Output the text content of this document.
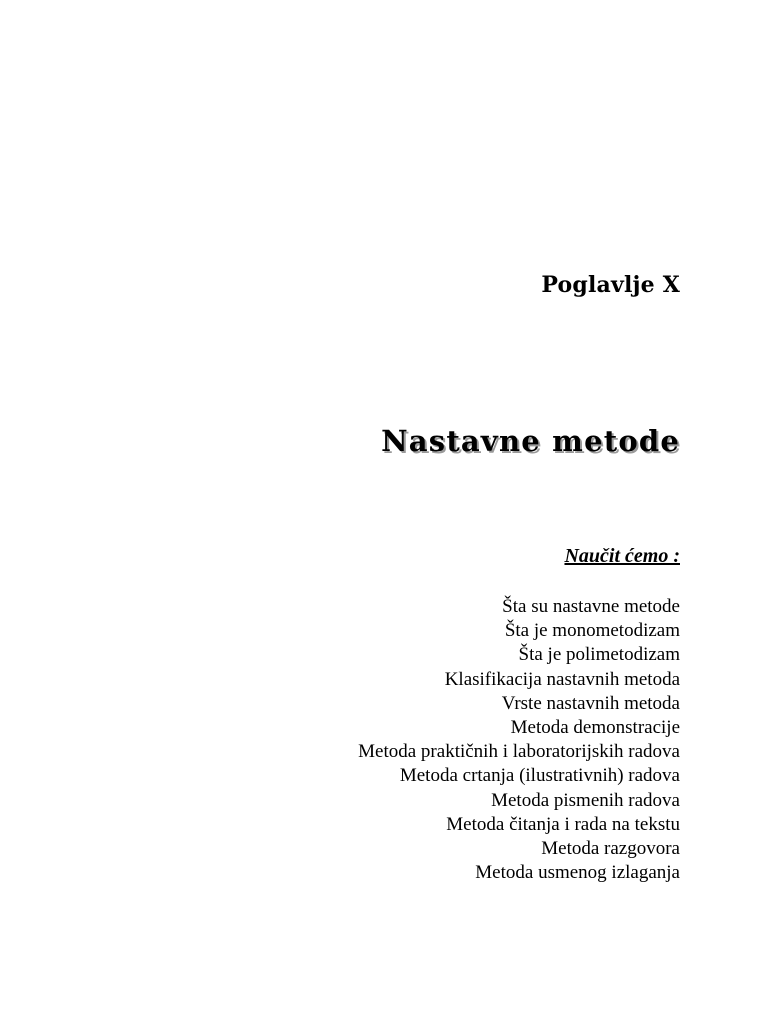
Poglavlje X
Nastavne metode
Naučit ćemo :
Šta su nastavne metode
Šta je monometodizam
Šta je polimetodizam
Klasifikacija nastavnih metoda
Vrste nastavnih metoda
Metoda demonstracije
Metoda praktičnih i laboratorijskih radova
Metoda crtanja (ilustrativnih) radova
Metoda pismenih radova
Metoda čitanja i rada na tekstu
Metoda razgovora
Metoda usmenog izlaganja
